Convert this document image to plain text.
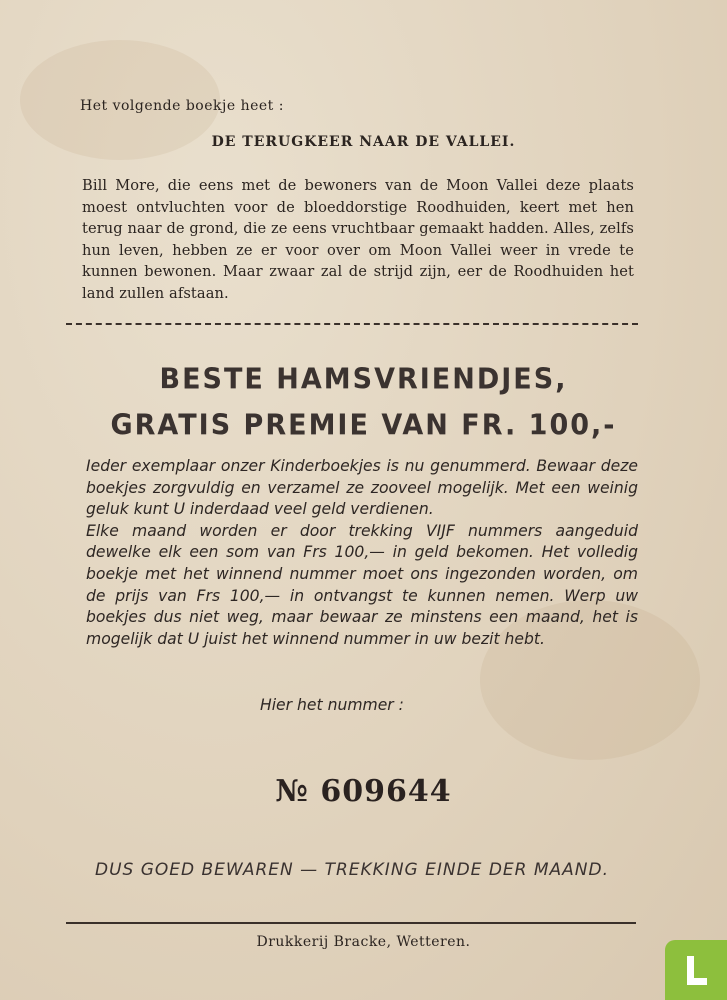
Het volgende boekje heet :
DE TERUGKEER NAAR DE VALLEI.
Bill More, die eens met de bewoners van de Moon Vallei deze plaats moest ontvluchten voor de bloeddorstige Roodhuiden, keert met hen terug naar de grond, die ze eens vruchtbaar gemaakt hadden. Alles, zelfs hun leven, hebben ze er voor over om Moon Vallei weer in vrede te kunnen bewonen. Maar zwaar zal de strijd zijn, eer de Roodhuiden het land zullen afstaan.
BESTE HAMSVRIENDJES,
GRATIS PREMIE VAN FR. 100,-

Ieder exemplaar onzer Kinderboekjes is nu genummerd. Bewaar deze boekjes zorgvuldig en verzamel ze zooveel mogelijk. Met een weinig geluk kunt U inderdaad veel geld verdienen.

Elke maand worden er door trekking VIJF nummers aangeduid dewelke elk een som van Frs 100,— in geld bekomen. Het volledig boekje met het winnend nummer moet ons ingezonden worden, om de prijs van Frs 100,— in ontvangst te kunnen nemen. Werp uw boekjes dus niet weg, maar bewaar ze minstens een maand, het is mogelijk dat U juist het winnend nummer in uw bezit hebt.

Hier het nummer :
№ 609644
DUS GOED BEWAREN — TREKKING EINDE DER MAAND.
Drukkerij Bracke, Wetteren.
